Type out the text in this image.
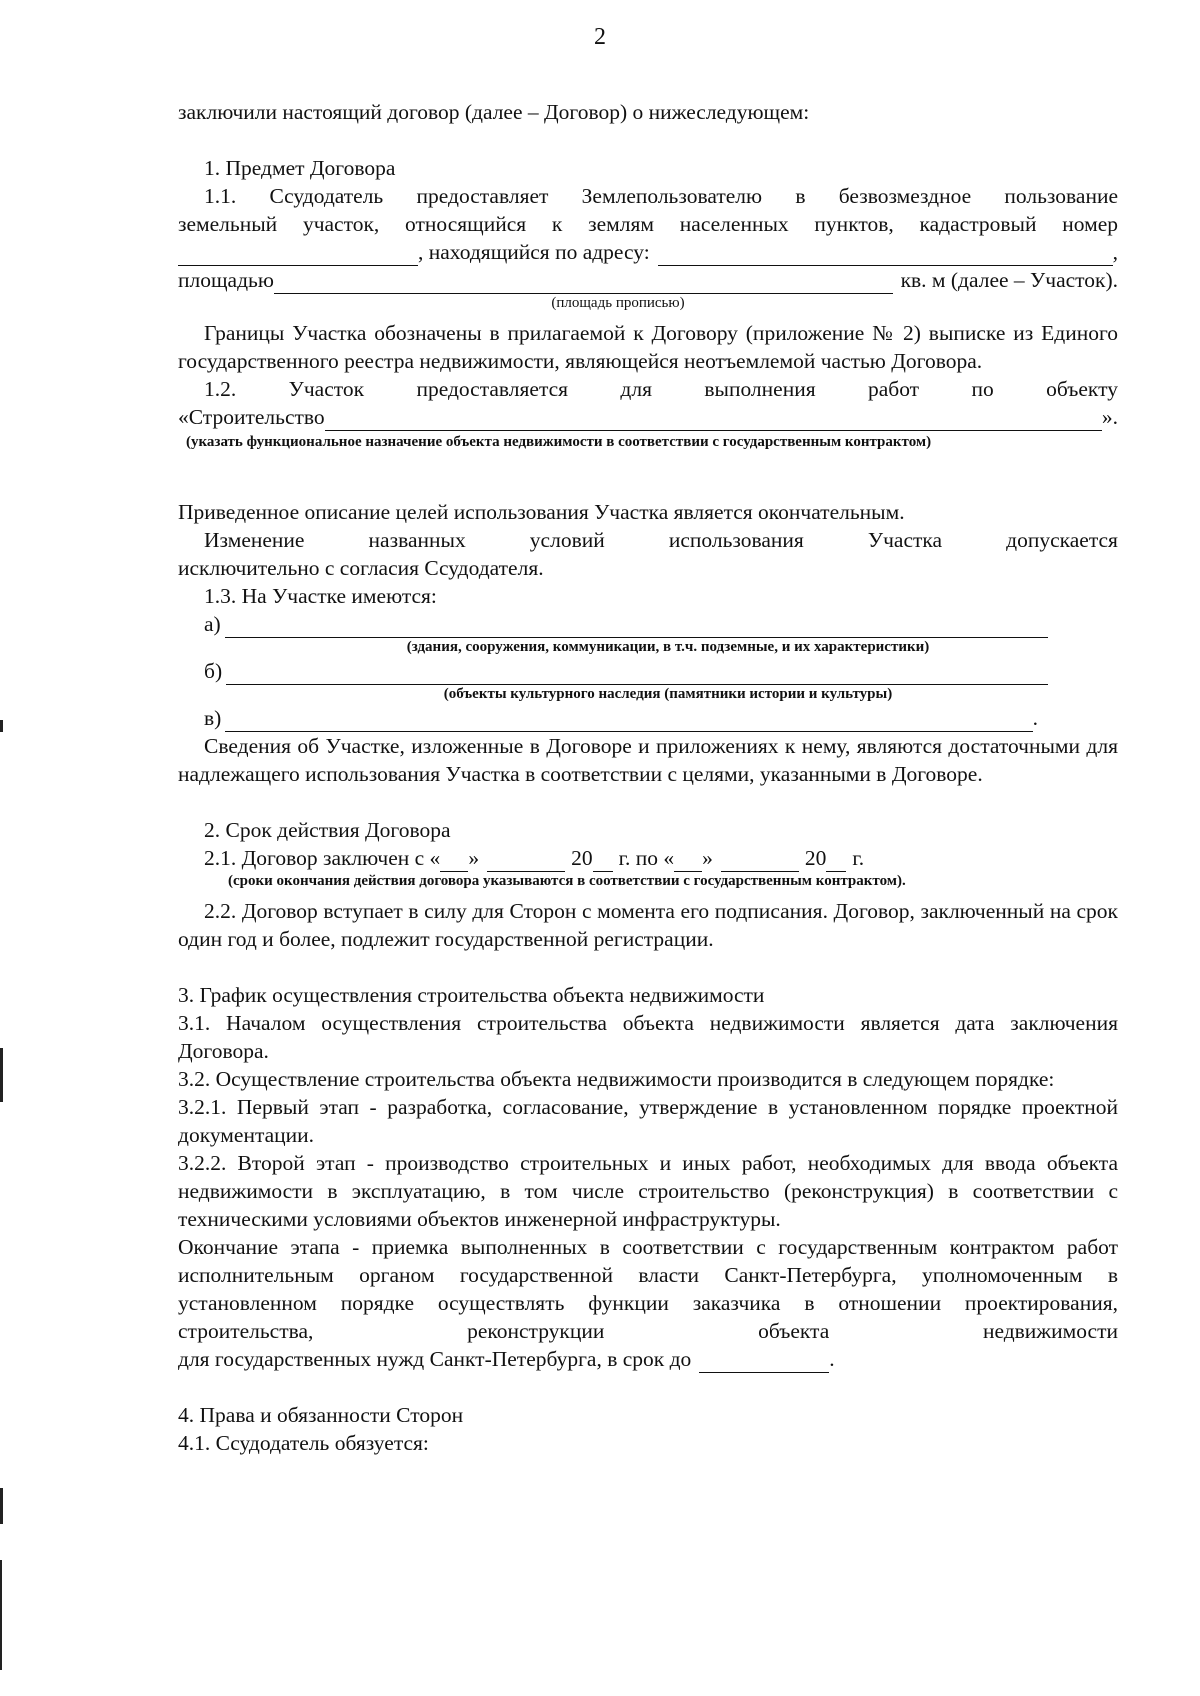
2

заключили настоящий договор (далее – Договор) о нижеследующем:

1. Предмет Договора

1.1. Ссудодатель предоставляет Землепользователю в безвозмездное пользование

земельный участок, относящийся к землям населенных пунктов, кадастровый номер

, находящийся по адресу:	,
площадью	кв. м (далее – Участок).

(площадь прописью)

Границы Участка обозначены в прилагаемой к Договору (приложение № 2) выписке из Единого государственного реестра недвижимости, являющейся неотъемлемой частью Договора.

1.2. Участок предоставляется для выполнения работ по объекту
«Строительство	».

(указать функциональное назначение объекта недвижимости в соответствии с государственным контрактом)

Приведенное описание целей использования Участка является окончательным.

Изменение	названных	условий	использования	Участка	допускается

исключительно с согласия Ссудодателя.

1.3. На Участке имеются:

а)

(здания, сооружения, коммуникации, в т.ч. подземные, и их характеристики)

б)

(объекты культурного наследия (памятники истории и культуры)

в)	.

Сведения об Участке, изложенные в Договоре и приложениях к нему, являются достаточными для надлежащего использования Участка в соответствии с целями, указанными в Договоре.

2. Срок действия Договора

2.1. Договор заключен с « »	20 г. по « »	20 г.

(сроки окончания действия договора указываются в соответствии с государственным контрактом).

2.2. Договор вступает в силу для Сторон с момента его подписания. Договор, заключенный на срок один год и более, подлежит государственной регистрации.

3. График осуществления строительства объекта недвижимости

3.1. Началом осуществления строительства объекта недвижимости является дата заключения Договора.

3.2. Осуществление строительства объекта недвижимости производится в следующем порядке:

3.2.1. Первый этап - разработка, согласование, утверждение в установленном порядке проектной документации.

3.2.2. Второй этап - производство строительных и иных работ, необходимых для ввода объекта недвижимости в эксплуатацию, в том числе строительство (реконструкция) в соответствии с техническими условиями объектов инженерной инфраструктуры.

Окончание этапа - приемка выполненных в соответствии с государственным контрактом работ исполнительным органом государственной власти Санкт-Петербурга, уполномоченным в установленном порядке осуществлять функции заказчика в отношении проектирования, строительства, реконструкции объекта недвижимости

для государственных нужд Санкт-Петербурга, в срок до	.

4. Права и обязанности Сторон

4.1. Ссудодатель обязуется:
